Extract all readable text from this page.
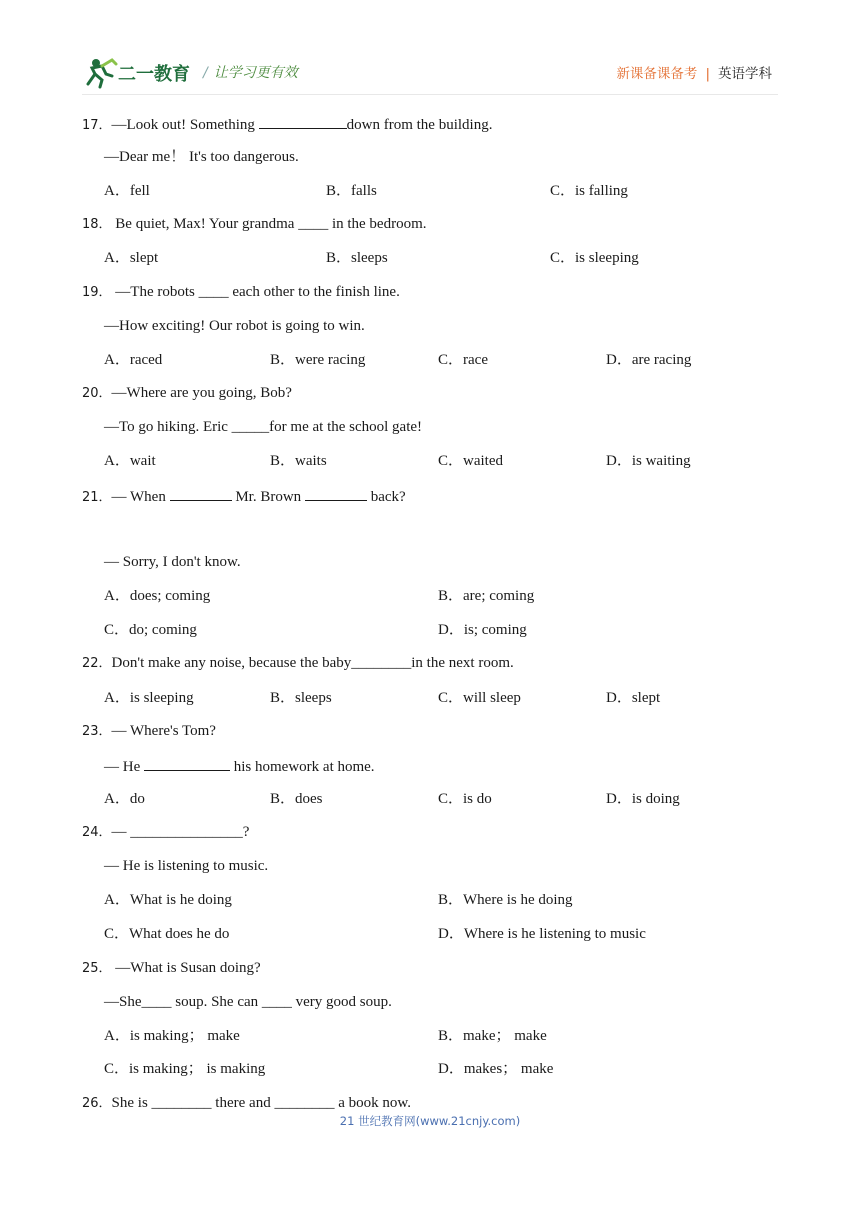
二一教育 / 让学习更有效	新课备课备考 | 英语学科
17．—Look out! Something	down from the building.
—Dear me！ It's too dangerous.
A．fell	B．falls	C．is falling
18． Be quiet, Max! Your grandma ____ in the bedroom.
A．slept	B．sleeps	C．is sleeping
19． —The robots ____ each other to the finish line.
—How exciting! Our robot is going to win.
A．raced	B．were racing	C．race	D．are racing
20．—Where are you going, Bob?
—To go hiking. Eric _____for me at the school gate!
A．wait	B．waits	C．waited	D．is waiting
21．— When	Mr. Brown	back?
— Sorry, I don't know.
A．does; coming	B．are; coming
C．do; coming	D．is; coming
22．Don't make any noise, because the baby________in the next room.
A．is sleeping	B．sleeps	C．will sleep	D．slept
23．— Where's Tom?
— He	his homework at home.
A．do	B．does	C．is do	D．is doing
24．— _______________?
— He is listening to music.
A．What is he doing	B．Where is he doing
C．What does he do	D．Where is he listening to music
25． —What is Susan doing?
—She____ soup. She can ____ very good soup.
A．is making； make	B．make； make
C．is making； is making	D．makes； make
26．She is ________ there and ________ a book now.
21 世纪教育网(www.21cnjy.com)
